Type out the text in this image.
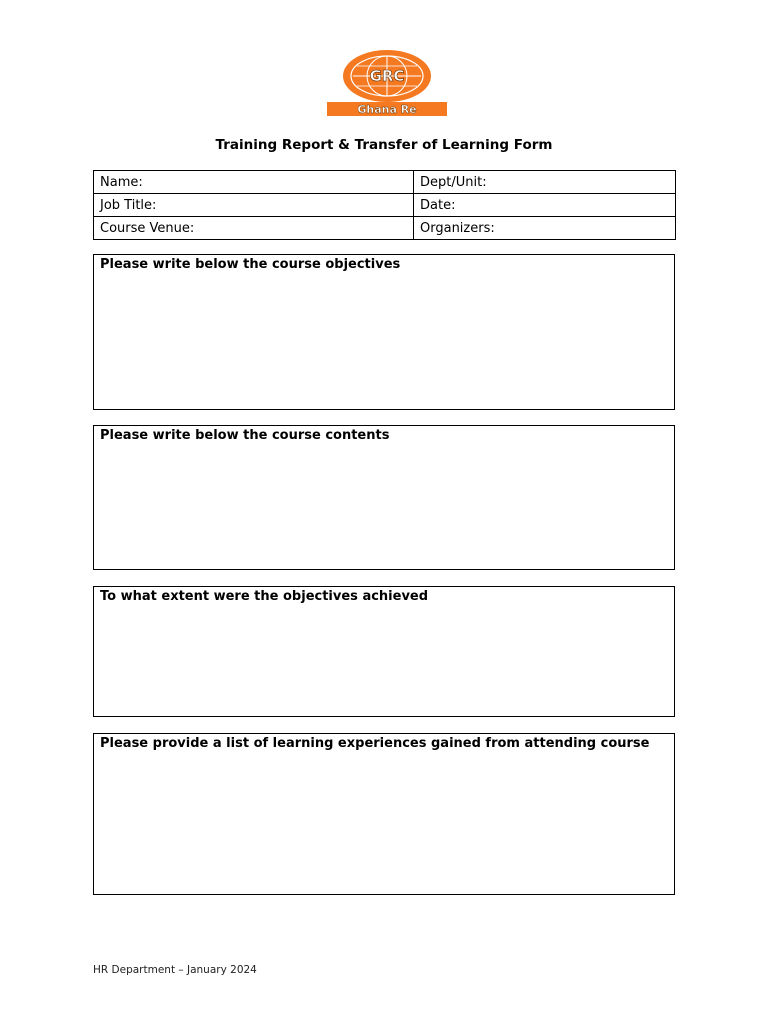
GRC
Ghana Re
Training Report & Transfer of Learning Form
Name:	Dept/Unit:
Job Title:	Date:
Course Venue:	Organizers:
Please write below the course objectives
Please write below the course contents
To what extent were the objectives achieved
Please provide a list of learning experiences gained from attending course
HR Department – January 2024
